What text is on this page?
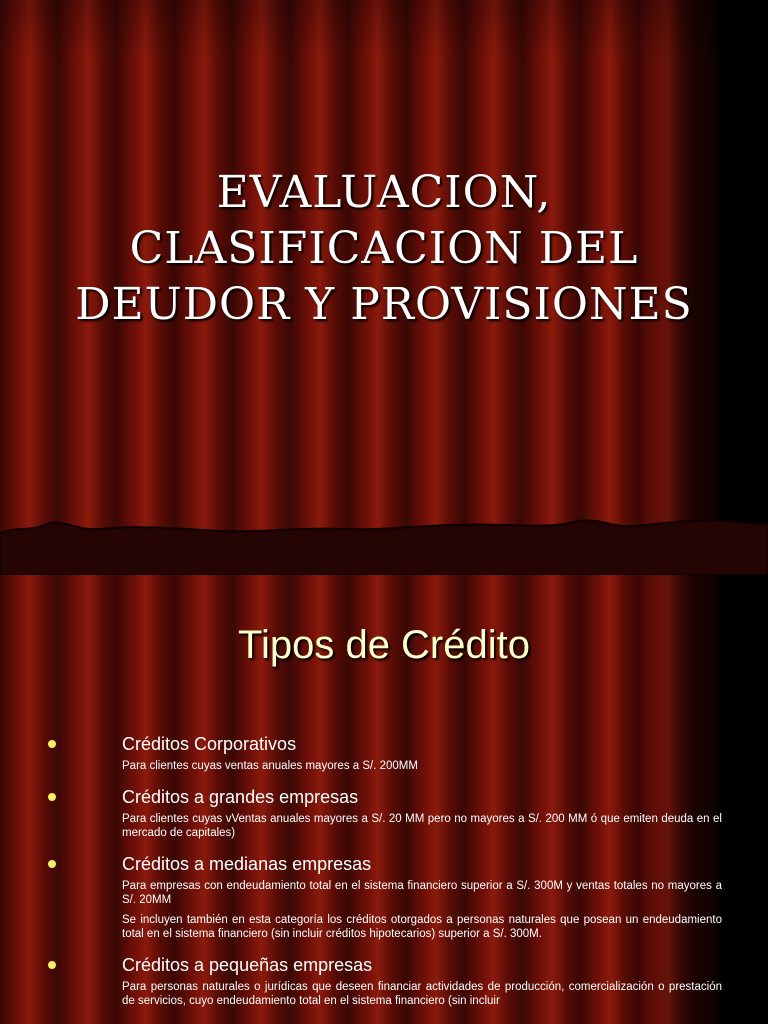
EVALUACION,
CLASIFICACION DEL
DEUDOR Y PROVISIONES
Tipos de Crédito
Créditos Corporativos

Para clientes cuyas ventas anuales mayores a S/. 200MM

Créditos a grandes empresas

Para clientes cuyas vVentas anuales mayores a S/. 20 MM pero no mayores a S/. 200 MM ó que emiten deuda en el mercado de capitales)

Créditos a medianas empresas

Para empresas con endeudamiento total en el sistema financiero superior a S/. 300M y ventas totales no mayores a S/. 20MM

Se incluyen también en esta categoría los créditos otorgados a personas naturales que posean un endeudamiento total en el sistema financiero (sin incluir créditos hipotecarios) superior a S/. 300M.

Créditos a pequeñas empresas

Para personas naturales o jurídicas que deseen financiar actividades de producción, comercialización o prestación de servicios, cuyo endeudamiento total en el sistema financiero (sin incluir
